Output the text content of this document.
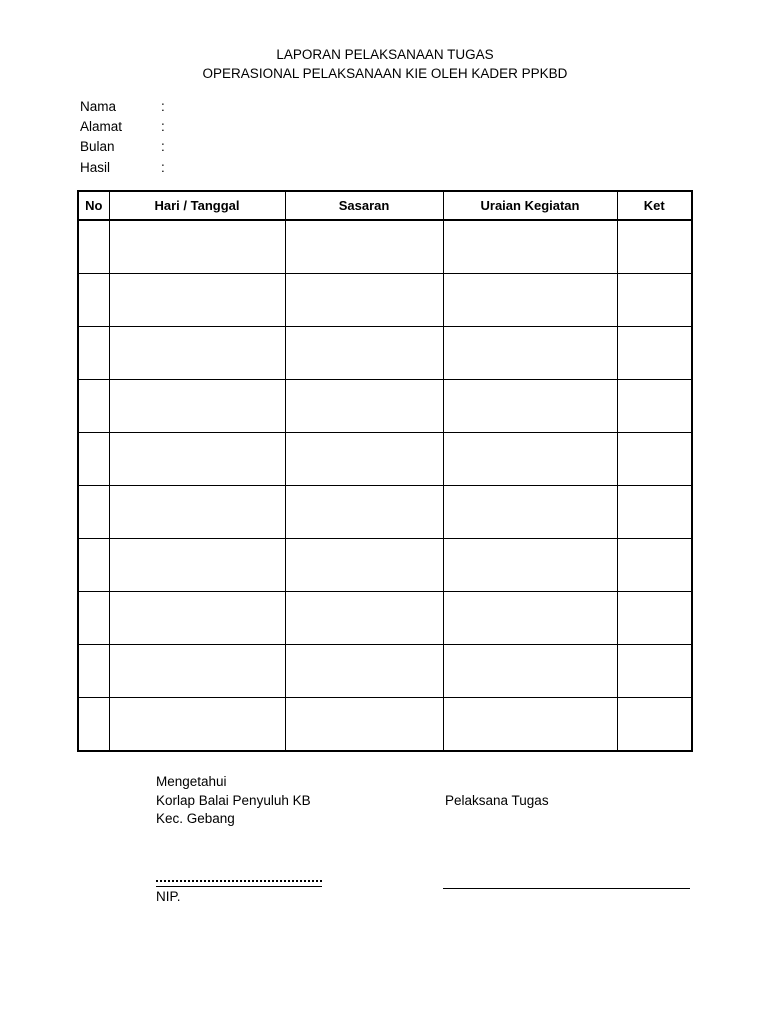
LAPORAN PELAKSANAAN TUGAS
OPERASIONAL PELAKSANAAN KIE OLEH KADER PPKBD
Nama	:
Alamat	:
Bulan	:
Hasil	:
No	Hari / Tanggal	Sasaran	Uraian Kegiatan	Ket

Mengetahui
Korlap Balai Penyuluh KB
Kec. Gebang
Pelaksana Tugas
NIP.
